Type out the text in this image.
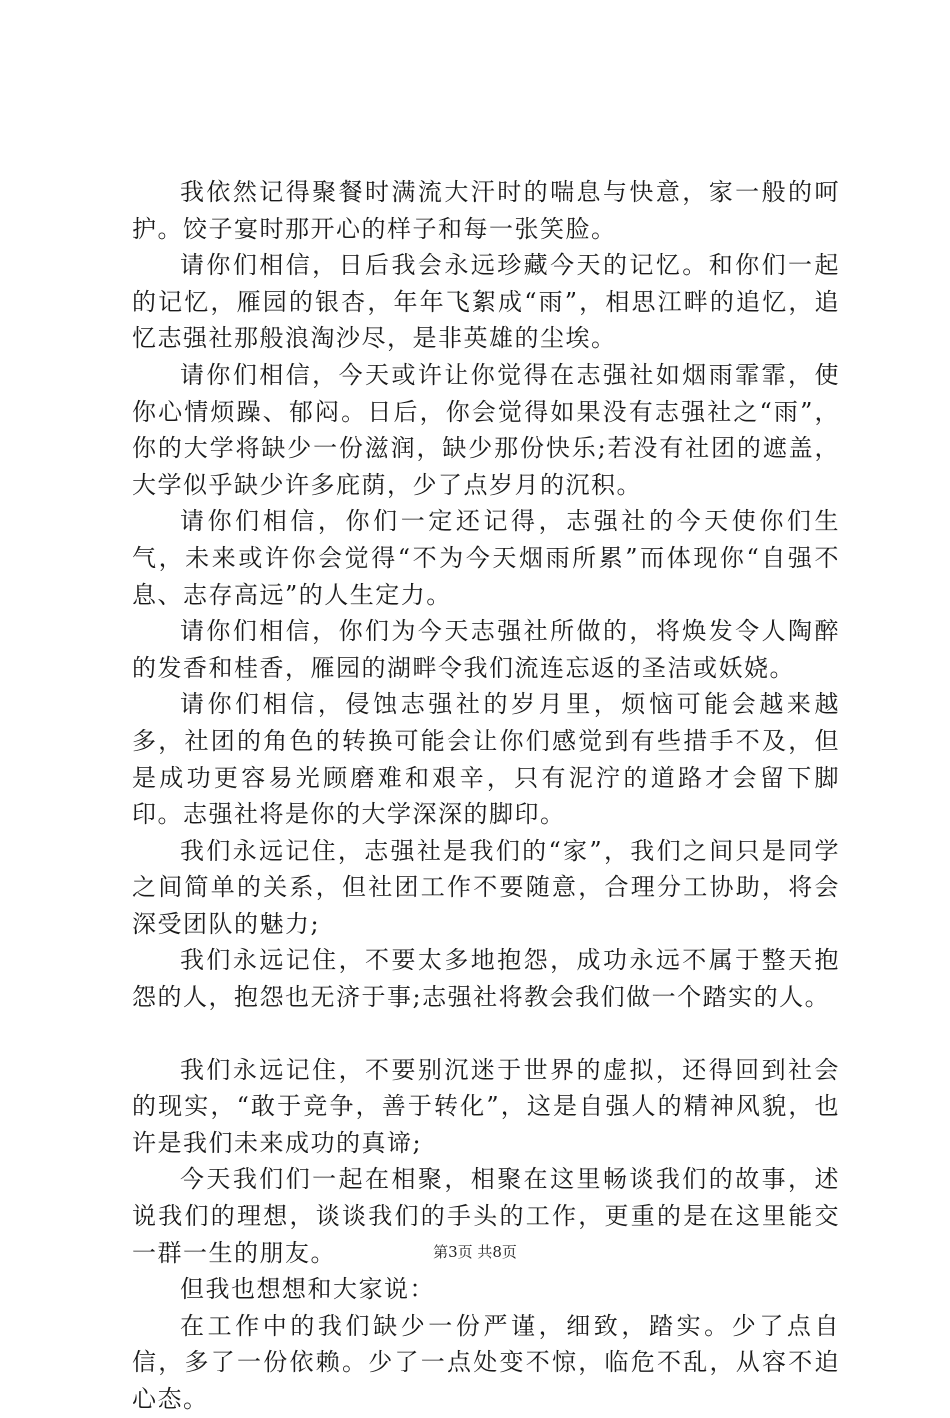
我依然记得聚餐时满流大汗时的喘息与快意，家一般的呵护。饺子宴时那开心的样子和每一张笑脸。

请你们相信，日后我会永远珍藏今天的记忆。和你们一起的记忆，雁园的银杏，年年飞絮成“雨”，相思江畔的追忆，追忆志强社那般浪淘沙尽，是非英雄的尘埃。

请你们相信，今天或许让你觉得在志强社如烟雨霏霏，使你心情烦躁、郁闷。日后，你会觉得如果没有志强社之“雨”，你的大学将缺少一份滋润，缺少那份快乐;若没有社团的遮盖，大学似乎缺少许多庇荫，少了点岁月的沉积。

请你们相信，你们一定还记得，志强社的今天使你们生气，未来或许你会觉得“不为今天烟雨所累”而体现你“自强不息、志存高远”的人生定力。

请你们相信，你们为今天志强社所做的，将焕发令人陶醉的发香和桂香，雁园的湖畔令我们流连忘返的圣洁或妖娆。

请你们相信，侵蚀志强社的岁月里，烦恼可能会越来越多，社团的角色的转换可能会让你们感觉到有些措手不及，但是成功更容易光顾磨难和艰辛，只有泥泞的道路才会留下脚印。志强社将是你的大学深深的脚印。

我们永远记住，志强社是我们的“家”，我们之间只是同学之间简单的关系，但社团工作不要随意，合理分工协助，将会深受团队的魅力;

我们永远记住，不要太多地抱怨，成功永远不属于整天抱怨的人，抱怨也无济于事;志强社将教会我们做一个踏实的人。

我们永远记住，不要别沉迷于世界的虚拟，还得回到社会的现实，“敢于竞争，善于转化”，这是自强人的精神风貌，也许是我们未来成功的真谛;

今天我们们一起在相聚，相聚在这里畅谈我们的故事，述说我们的理想，谈谈我们的手头的工作，更重的是在这里能交一群一生的朋友。

但我也想想和大家说：

在工作中的我们缺少一份严谨，细致，踏实。少了点自信，多了一份依赖。少了一点处变不惊，临危不乱，从容不迫心态。

第3页 共8页
